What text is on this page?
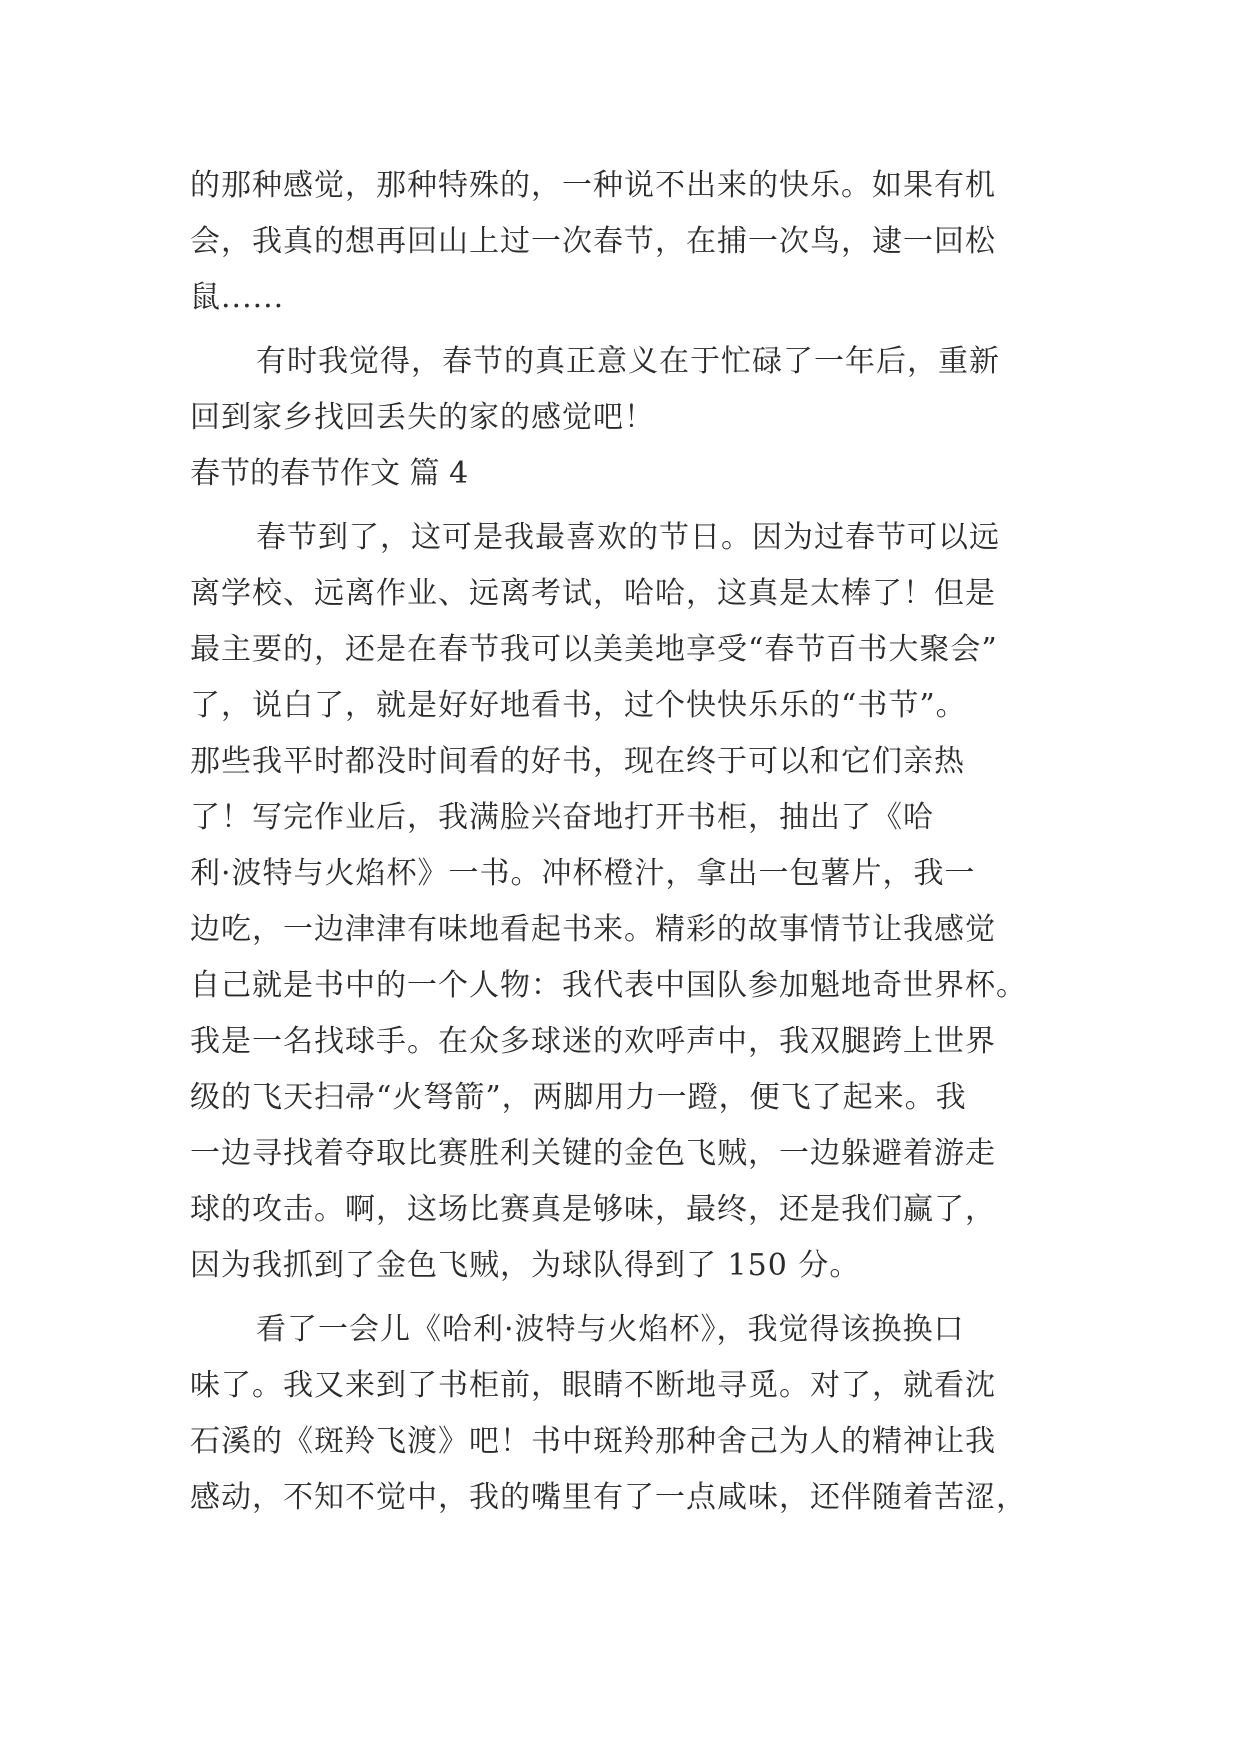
的那种感觉，那种特殊的，一种说不出来的快乐。如果有机
会，我真的想再回山上过一次春节，在捕一次鸟，逮一回松
鼠......
有时我觉得，春节的真正意义在于忙碌了一年后，重新
回到家乡找回丢失的家的感觉吧！
春节的春节作文 篇 4
春节到了，这可是我最喜欢的节日。因为过春节可以远
离学校、远离作业、远离考试，哈哈，这真是太棒了！但是
最主要的，还是在春节我可以美美地享受“春节百书大聚会”
了，说白了，就是好好地看书，过个快快乐乐的“书节”。
那些我平时都没时间看的好书，现在终于可以和它们亲热
了！写完作业后，我满脸兴奋地打开书柜，抽出了《哈
利·波特与火焰杯》一书。冲杯橙汁，拿出一包薯片，我一
边吃，一边津津有味地看起书来。精彩的故事情节让我感觉
自己就是书中的一个人物：我代表中国队参加魁地奇世界杯。
我是一名找球手。在众多球迷的欢呼声中，我双腿跨上世界
级的飞天扫帚“火弩箭”，两脚用力一蹬，便飞了起来。我
一边寻找着夺取比赛胜利关键的金色飞贼，一边躲避着游走
球的攻击。啊，这场比赛真是够味，最终，还是我们赢了，
因为我抓到了金色飞贼，为球队得到了 150 分。
看了一会儿《哈利·波特与火焰杯》，我觉得该换换口
味了。我又来到了书柜前，眼睛不断地寻觅。对了，就看沈
石溪的《斑羚飞渡》吧！书中斑羚那种舍己为人的精神让我
感动，不知不觉中，我的嘴里有了一点咸味，还伴随着苦涩，
